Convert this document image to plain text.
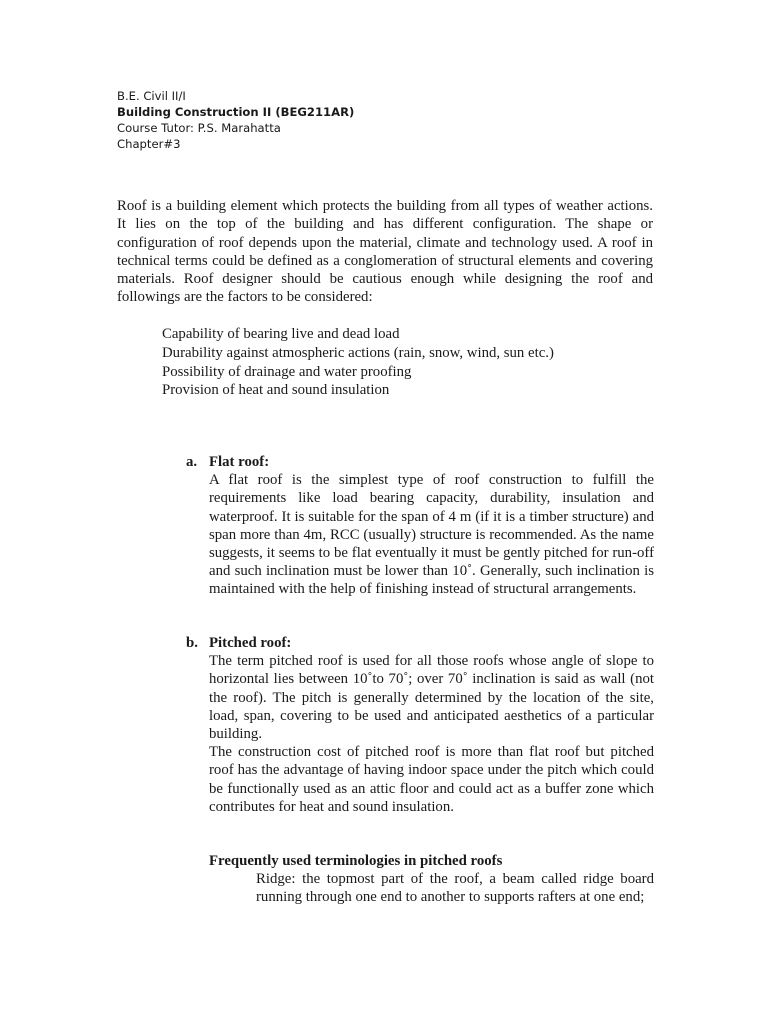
B.E. Civil II/I
Building Construction II (BEG211AR)
Course Tutor: P.S. Marahatta
Chapter#3

Roof is a building element which protects the building from all types of weather actions. It lies on the top of the building and has different configuration. The shape or configuration of roof depends upon the material, climate and technology used. A roof in technical terms could be defined as a conglomeration of structural elements and covering materials. Roof designer should be cautious enough while designing the roof and followings are the factors to be considered:

Capability of bearing live and dead load
Durability against atmospheric actions (rain, snow, wind, sun etc.)
Possibility of drainage and water proofing
Provision of heat and sound insulation
a. Flat roof:

A flat roof is the simplest type of roof construction to fulfill the requirements like load bearing capacity, durability, insulation and waterproof. It is suitable for the span of 4 m (if it is a timber structure) and span more than 4m, RCC (usually) structure is recommended. As the name suggests, it seems to be flat eventually it must be gently pitched for run-off and such inclination must be lower than 10˚. Generally, such inclination is maintained with the help of finishing instead of structural arrangements.

b. Pitched roof:

The term pitched roof is used for all those roofs whose angle of slope to horizontal lies between 10˚to 70˚; over 70˚ inclination is said as wall (not the roof). The pitch is generally determined by the location of the site, load, span, covering to be used and anticipated aesthetics of a particular building.

The construction cost of pitched roof is more than flat roof but pitched roof has the advantage of having indoor space under the pitch which could be functionally used as an attic floor and could act as a buffer zone which contributes for heat and sound insulation.

Frequently used terminologies in pitched roofs

Ridge: the topmost part of the roof, a beam called ridge board running through one end to another to supports rafters at one end;
